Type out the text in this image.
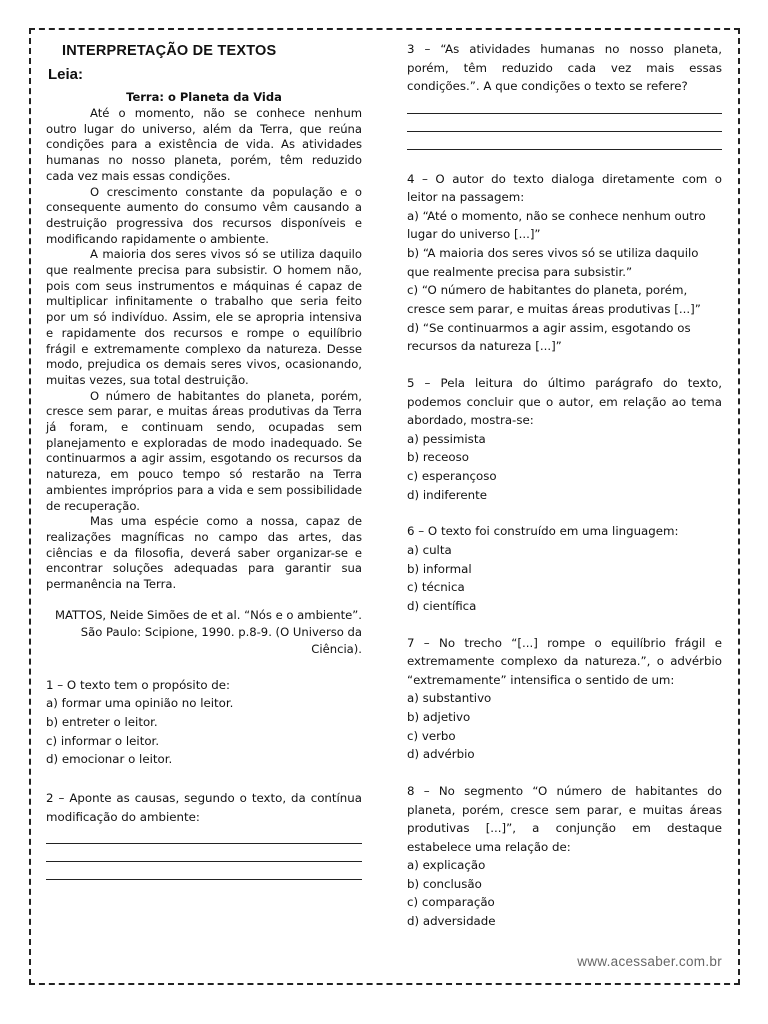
INTERPRETAÇÃO DE TEXTOS
Leia:
Terra: o Planeta da Vida

Até o momento, não se conhece nenhum outro lugar do universo, além da Terra, que reúna condições para a existência de vida. As atividades humanas no nosso planeta, porém, têm reduzido cada vez mais essas condições.

O crescimento constante da população e o consequente aumento do consumo vêm causando a destruição progressiva dos recursos disponíveis e modificando rapidamente o ambiente.

A maioria dos seres vivos só se utiliza daquilo que realmente precisa para subsistir. O homem não, pois com seus instrumentos e máquinas é capaz de multiplicar infinitamente o trabalho que seria feito por um só indivíduo. Assim, ele se apropria intensiva e rapidamente dos recursos e rompe o equilíbrio frágil e extremamente complexo da natureza. Desse modo, prejudica os demais seres vivos, ocasionando, muitas vezes, sua total destruição.

O número de habitantes do planeta, porém, cresce sem parar, e muitas áreas produtivas da Terra já foram, e continuam sendo, ocupadas sem planejamento e exploradas de modo inadequado. Se continuarmos a agir assim, esgotando os recursos da natureza, em pouco tempo só restarão na Terra ambientes impróprios para a vida e sem possibilidade de recuperação.

Mas uma espécie como a nossa, capaz de realizações magníficas no campo das artes, das ciências e da filosofia, deverá saber organizar-se e encontrar soluções adequadas para garantir sua permanência na Terra.

MATTOS, Neide Simões de et al. “Nós e o ambiente”. São Paulo: Scipione, 1990. p.8-9. (O Universo da Ciência).

1 – O texto tem o propósito de:

a) formar uma opinião no leitor.

b) entreter o leitor.

c) informar o leitor.

d) emocionar o leitor.

2 – Aponte as causas, segundo o texto, da contínua modificação do ambiente:

3 – “As atividades humanas no nosso planeta, porém, têm reduzido cada vez mais essas condições.”. A que condições o texto se refere?

4 – O autor do texto dialoga diretamente com o leitor na passagem:

a) “Até o momento, não se conhece nenhum outro lugar do universo [...]”

b) “A maioria dos seres vivos só se utiliza daquilo que realmente precisa para subsistir.”

c) “O número de habitantes do planeta, porém, cresce sem parar, e muitas áreas produtivas [...]”

d) “Se continuarmos a agir assim, esgotando os recursos da natureza [...]”

5 – Pela leitura do último parágrafo do texto, podemos concluir que o autor, em relação ao tema abordado, mostra-se:

a) pessimista

b) receoso

c) esperançoso

d) indiferente

6 – O texto foi construído em uma linguagem:

a) culta

b) informal

c) técnica

d) científica

7 – No trecho “[...] rompe o equilíbrio frágil e extremamente complexo da natureza.”, o advérbio “extremamente” intensifica o sentido de um:

a) substantivo

b) adjetivo

c) verbo

d) advérbio

8 – No segmento “O número de habitantes do planeta, porém, cresce sem parar, e muitas áreas produtivas [...]”, a conjunção em destaque estabelece uma relação de:

a) explicação

b) conclusão

c) comparação

d) adversidade

www.acessaber.com.br
